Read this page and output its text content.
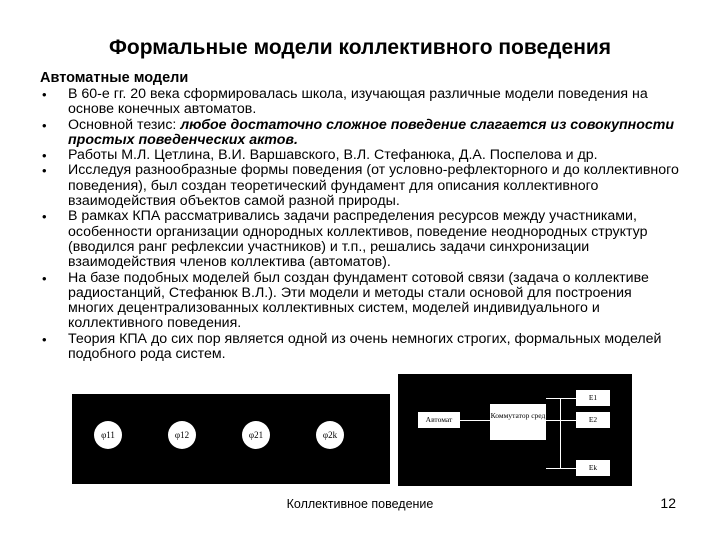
Формальные модели коллективного поведения
Автоматные модели
• В 60-е гг. 20 века сформировалась школа, изучающая различные модели поведения на основе конечных автоматов.
• Основной тезис: любое достаточно сложное поведение слагается из совокупности простых поведенческих актов.
• Работы М.Л. Цетлина, В.И. Варшавского, В.Л. Стефанюка, Д.А. Поспелова и др.
• Исследуя разнообразные формы поведения (от условно-рефлекторного и до коллективного поведения), был создан теоретический фундамент для описания коллективного взаимодействия объектов самой разной природы.
• В рамках КПА рассматривались задачи распределения ресурсов между участниками, особенности организации однородных коллективов, поведение неоднородных структур (вводился ранг рефлексии участников) и т.п., решались задачи синхронизации взаимодействия членов коллектива (автоматов).
• На базе подобных моделей был создан фундамент сотовой связи (задача о коллективе радиостанций, Стефанюк В.Л.). Эти модели и методы стали основой для построения многих децентрализованных коллективных систем, моделей индивидуального и коллективного поведения.
• Теория КПА до сих пор является одной из очень немногих строгих, формальных моделей подобного рода систем.
φ11	φ12	φ21	φ2k
Автомат	Коммутатор сред
E1
E2
Ek
Коллективное поведение	12
